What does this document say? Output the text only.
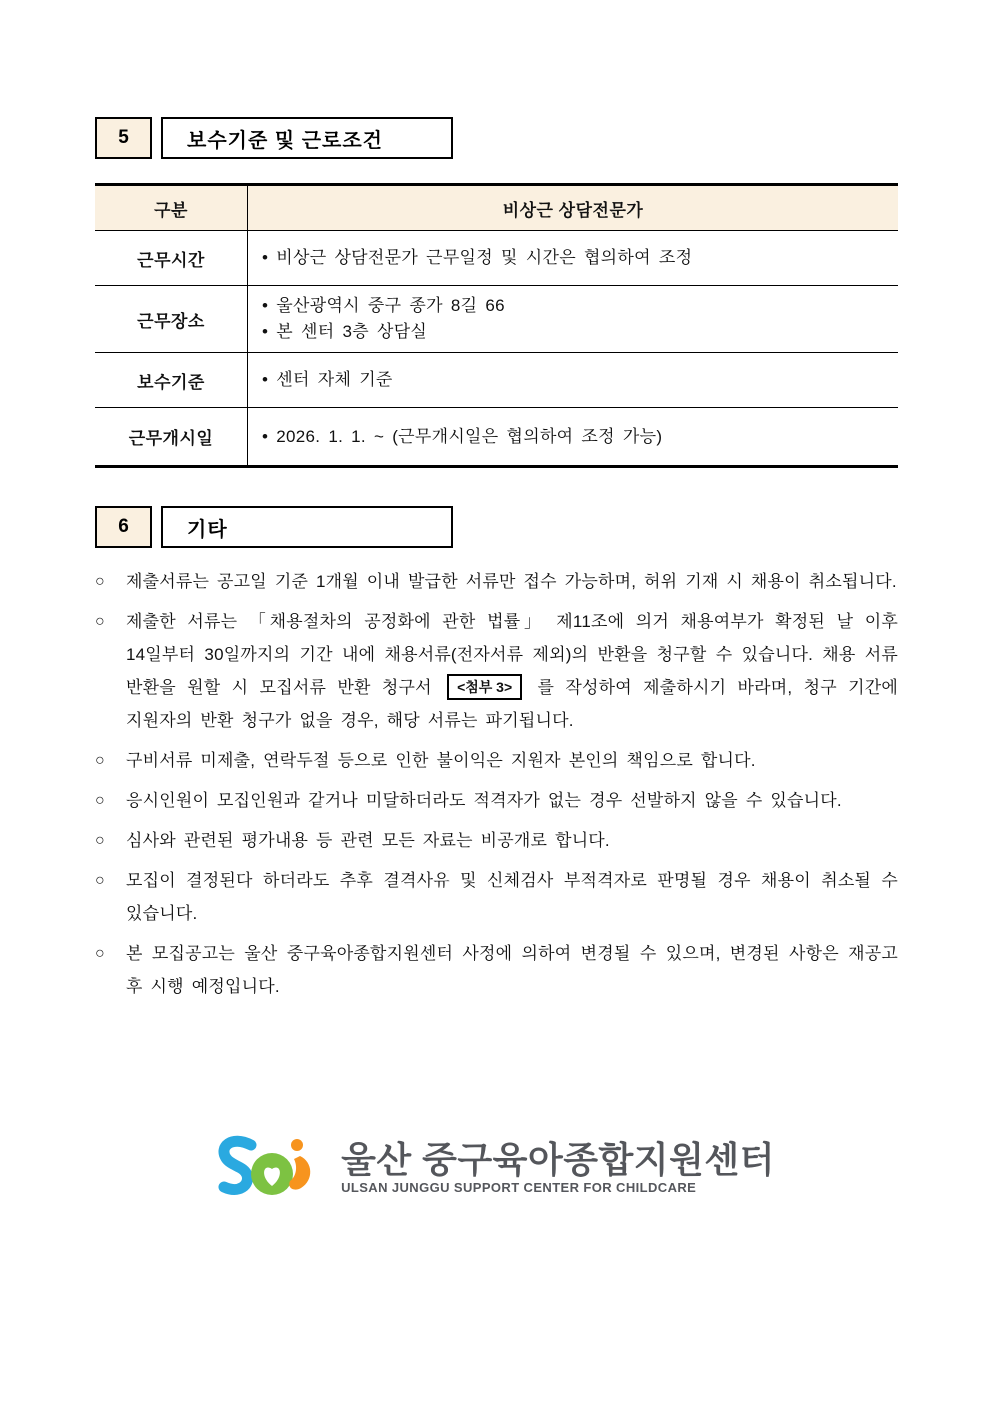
5	보수기준 및 근로조건
구분	비상근 상담전문가
근무시간	• 비상근 상담전문가 근무일정 및 시간은 협의하여 조정

근무장소	• 울산광역시 중구 종가 8길 66
• 본 센터 3층 상담실

보수기준	• 센터 자체 기준

근무개시일	• 2026. 1. 1. ~ (근무개시일은 협의하여 조정 가능)
6	기타
○	제출서류는 공고일 기준 1개월 이내 발급한 서류만 접수 가능하며, 허위 기재 시 채용이 취소됩니다.
○	제출한 서류는 「채용절차의 공정화에 관한 법률」 제11조에 의거 채용여부가 확정된 날 이후 14일부터 30일까지의 기간 내에 채용서류(전자서류 제외)의 반환을 청구할 수 있습니다. 채용 서류 반환을 원할 시 모집서류 반환 청구서 <첨부 3> 를 작성하여 제출하시기 바라며, 청구 기간에 지원자의 반환 청구가 없을 경우, 해당 서류는 파기됩니다.
○	구비서류 미제출, 연락두절 등으로 인한 불이익은 지원자 본인의 책임으로 합니다.
○	응시인원이 모집인원과 같거나 미달하더라도 적격자가 없는 경우 선발하지 않을 수 있습니다.
○	심사와 관련된 평가내용 등 관련 모든 자료는 비공개로 합니다.
○	모집이 결정된다 하더라도 추후 결격사유 및 신체검사 부적격자로 판명될 경우 채용이 취소될 수 있습니다.
○	본 모집공고는 울산 중구육아종합지원센터 사정에 의하여 변경될 수 있으며, 변경된 사항은 재공고 후 시행 예정입니다.
울산 중구육아종합지원센터
ULSAN JUNGGU SUPPORT CENTER FOR CHILDCARE
